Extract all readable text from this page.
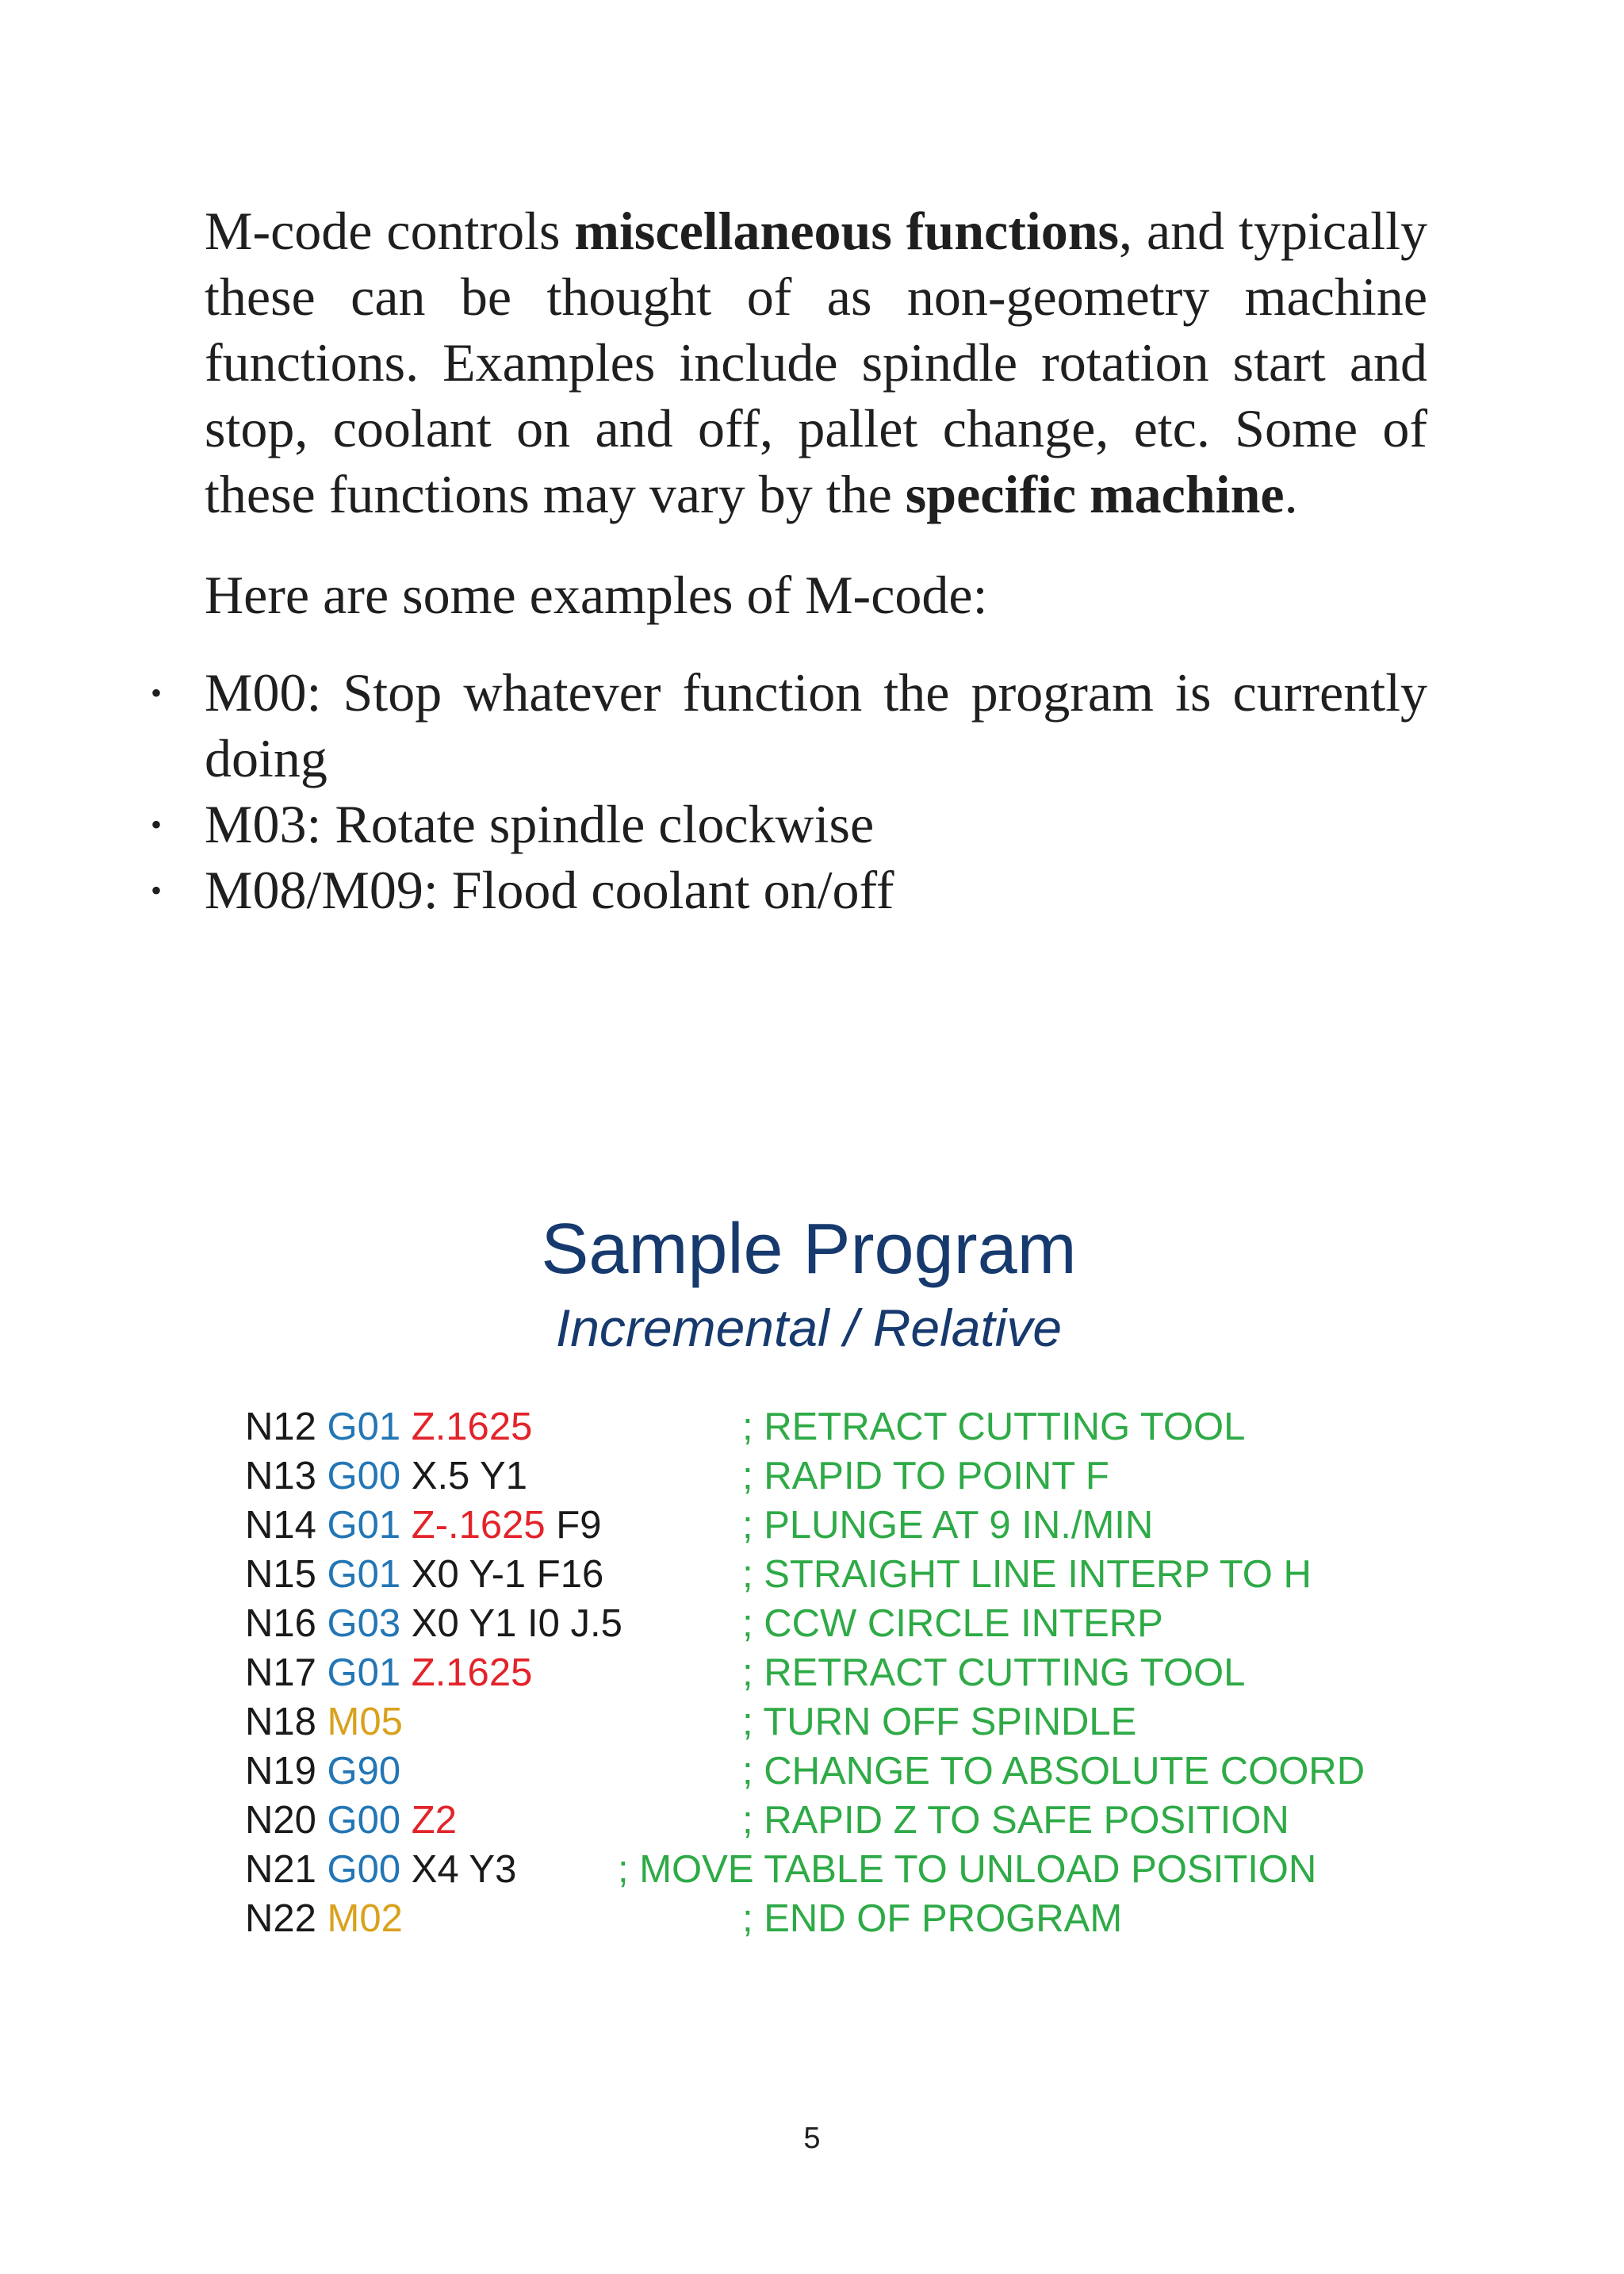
M-code controls miscellaneous functions, and typically these can be thought of as non-geometry machine functions. Examples include spindle rotation start and stop, coolant on and off, pallet change, etc. Some of these functions may vary by the specific machine.

Here are some examples of M-code:

• M00: Stop whatever function the program is currently doing
• M03: Rotate spindle clockwise
• M08/M09: Flood coolant on/off
Sample Program
Incremental / Relative
N12 G01 Z.1625	; RETRACT CUTTING TOOL
N13 G00 X.5 Y1	; RAPID TO POINT F
N14 G01 Z-.1625 F9	; PLUNGE AT 9 IN./MIN
N15 G01 X0 Y-1 F16	; STRAIGHT LINE INTERP TO H
N16 G03 X0 Y1 I0 J.5	; CCW CIRCLE INTERP
N17 G01 Z.1625	; RETRACT CUTTING TOOL
N18 M05	; TURN OFF SPINDLE
N19 G90	; CHANGE TO ABSOLUTE COORD
N20 G00 Z2	; RAPID Z TO SAFE POSITION
N21 G00 X4 Y3	; MOVE TABLE TO UNLOAD POSITION
N22 M02	; END OF PROGRAM
5
